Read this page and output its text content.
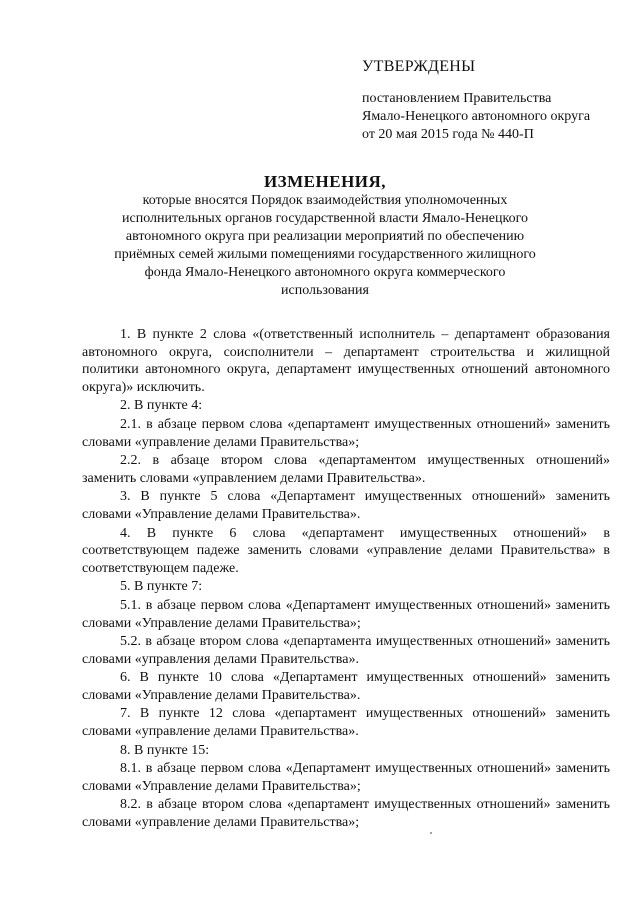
УТВЕРЖДЕНЫ
постановлением Правительства
Ямало-Ненецкого автономного округа
от 20 мая 2015 года № 440-П
ИЗМЕНЕНИЯ,
которые вносятся Порядок взаимодействия уполномоченных
исполнительных органов государственной власти Ямало-Ненецкого
автономного округа при реализации мероприятий по обеспечению
приёмных семей жилыми помещениями государственного жилищного
фонда Ямало-Ненецкого автономного округа коммерческого
использования

1. В пункте 2 слова «(ответственный исполнитель – департамент образования автономного округа, соисполнители – департамент строительства и жилищной политики автономного округа, департамент имущественных отношений автономного округа)» исключить.

2. В пункте 4:

2.1. в абзаце первом слова «департамент имущественных отношений» заменить словами «управление делами Правительства»;

2.2. в абзаце втором слова «департаментом имущественных отношений» заменить словами «управлением делами Правительства».

3. В пункте 5 слова «Департамент имущественных отношений» заменить словами «Управление делами Правительства».

4. В пункте 6 слова «департамент имущественных отношений» в соответствующем падеже заменить словами «управление делами Правительства» в соответствующем падеже.

5. В пункте 7:

5.1. в абзаце первом слова «Департамент имущественных отношений» заменить словами «Управление делами Правительства»;

5.2. в абзаце втором слова «департамента имущественных отношений» заменить словами «управления делами Правительства».

6. В пункте 10 слова «Департамент имущественных отношений» заменить словами «Управление делами Правительства».

7. В пункте 12 слова «департамент имущественных отношений» заменить словами «управление делами Правительства».

8. В пункте 15:

8.1. в абзаце первом слова «Департамент имущественных отношений» заменить словами «Управление делами Правительства»;

8.2. в абзаце втором слова «департамент имущественных отношений» заменить словами «управление делами Правительства»;
